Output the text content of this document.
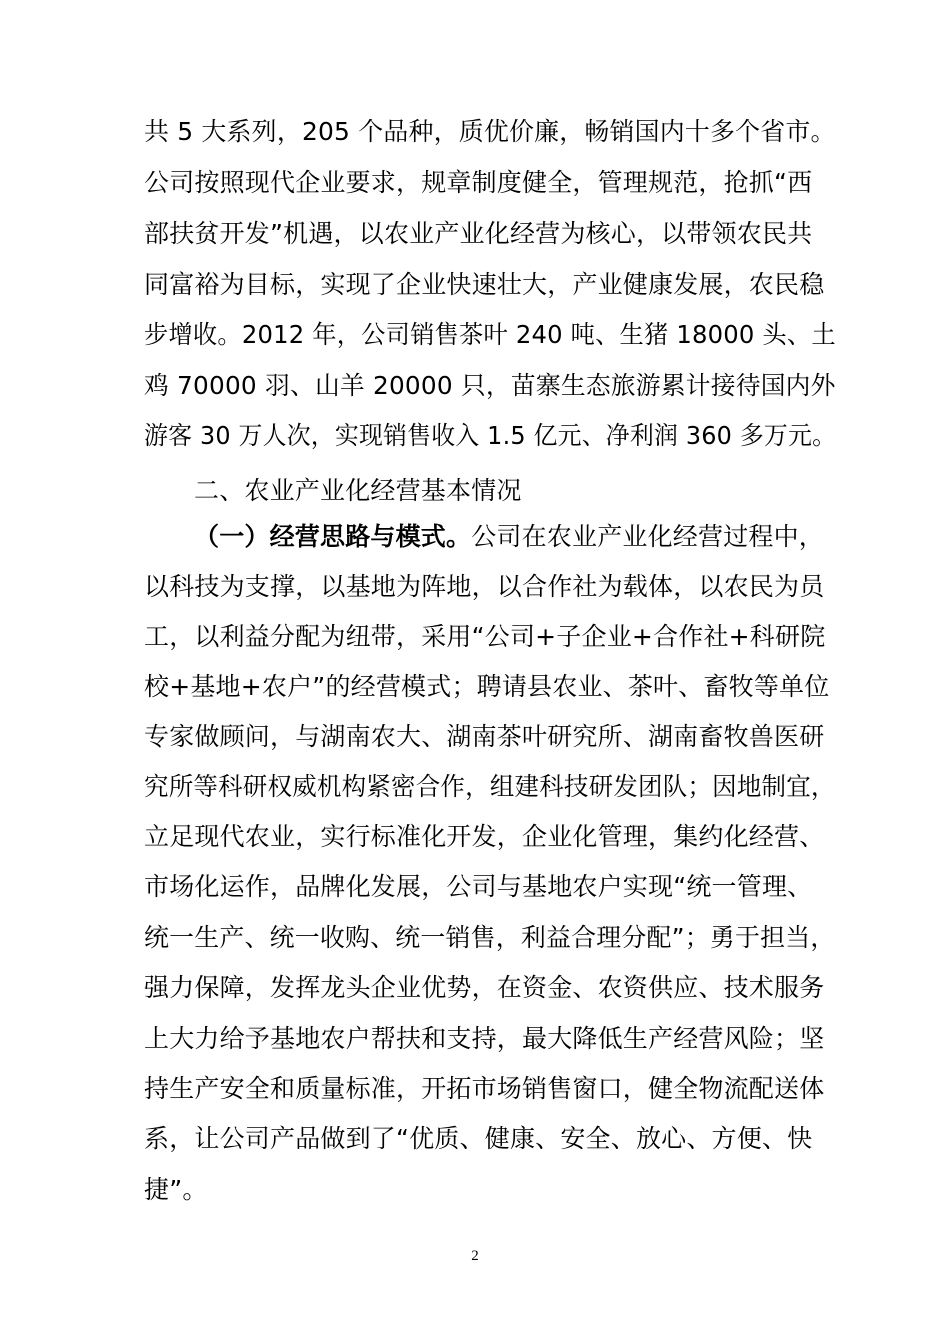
共 5 大系列，205 个品种，质优价廉，畅销国内十多个省市。
公司按照现代企业要求，规章制度健全，管理规范，抢抓“西
部扶贫开发”机遇，以农业产业化经营为核心，以带领农民共
同富裕为目标，实现了企业快速壮大，产业健康发展，农民稳
步增收。2012 年，公司销售茶叶 240 吨、生猪 18000 头、土
鸡 70000 羽、山羊 20000 只，苗寨生态旅游累计接待国内外
游客 30 万人次，实现销售收入 1.5 亿元、净利润 360 多万元。
二、农业产业化经营基本情况
（一）经营思路与模式。公司在农业产业化经营过程中，
以科技为支撑，以基地为阵地，以合作社为载体，以农民为员
工，以利益分配为纽带，采用“公司+子企业+合作社+科研院
校+基地+农户”的经营模式；聘请县农业、茶叶、畜牧等单位
专家做顾问，与湖南农大、湖南茶叶研究所、湖南畜牧兽医研
究所等科研权威机构紧密合作，组建科技研发团队；因地制宜，
立足现代农业，实行标准化开发，企业化管理，集约化经营、
市场化运作，品牌化发展，公司与基地农户实现“统一管理、
统一生产、统一收购、统一销售，利益合理分配”；勇于担当，
强力保障，发挥龙头企业优势，在资金、农资供应、技术服务
上大力给予基地农户帮扶和支持，最大降低生产经营风险；坚
持生产安全和质量标准，开拓市场销售窗口，健全物流配送体
系，让公司产品做到了“优质、健康、安全、放心、方便、快
捷”。
2
